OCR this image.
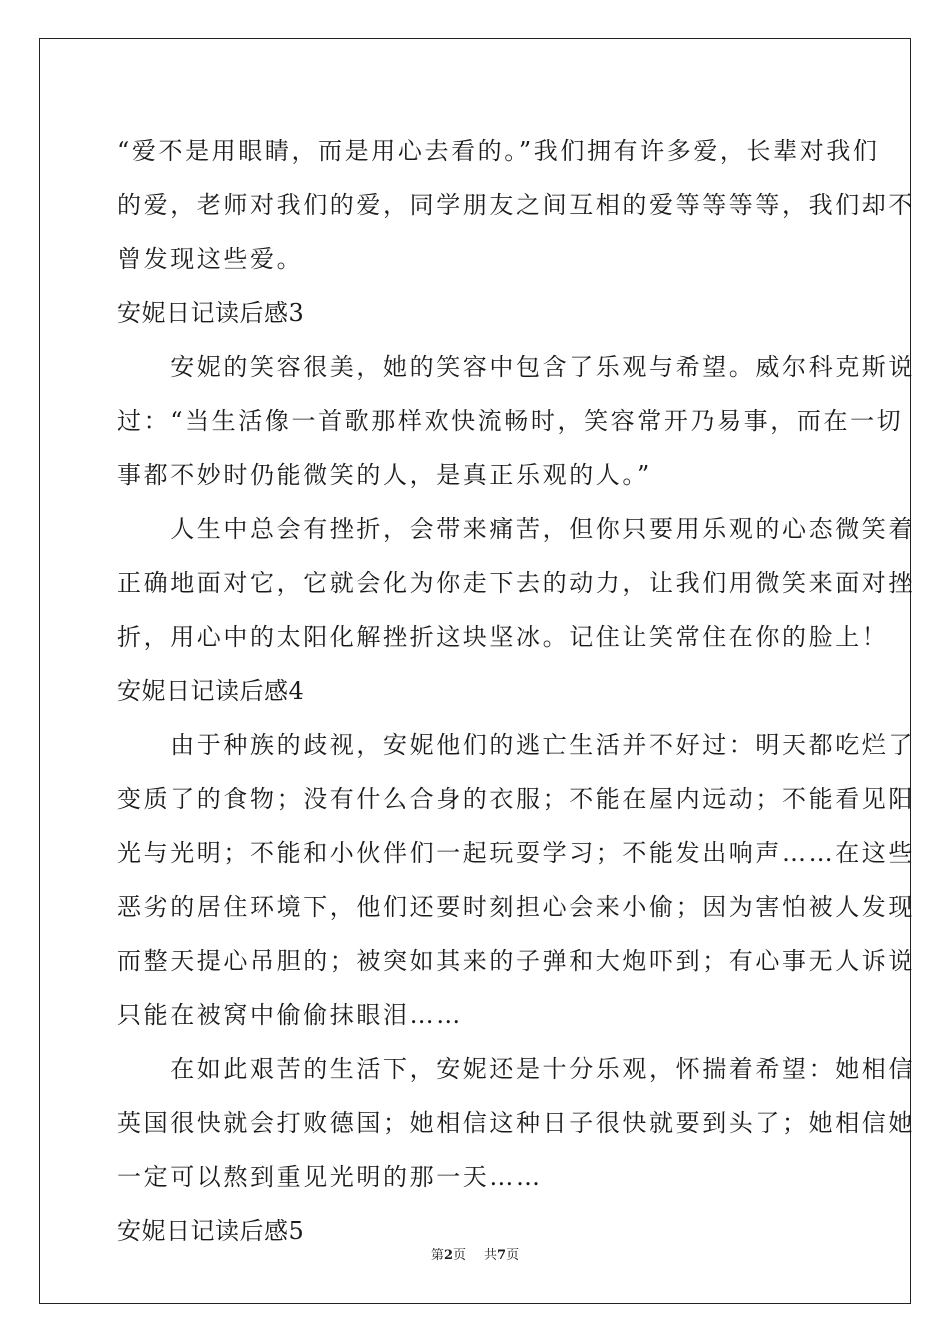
“爱不是用眼睛，而是用心去看的。”我们拥有许多爱，长辈对我们
的爱，老师对我们的爱，同学朋友之间互相的爱等等等等，我们却不
曾发现这些爱。
安妮日记读后感3
　　安妮的笑容很美，她的笑容中包含了乐观与希望。威尔科克斯说
过：“当生活像一首歌那样欢快流畅时，笑容常开乃易事，而在一切
事都不妙时仍能微笑的人，是真正乐观的人。”
　　人生中总会有挫折，会带来痛苦，但你只要用乐观的心态微笑着
正确地面对它，它就会化为你走下去的动力，让我们用微笑来面对挫
折，用心中的太阳化解挫折这块坚冰。记住让笑常住在你的脸上！
安妮日记读后感4
　　由于种族的歧视，安妮他们的逃亡生活并不好过：明天都吃烂了
变质了的食物；没有什么合身的衣服；不能在屋内远动；不能看见阳
光与光明；不能和小伙伴们一起玩耍学习；不能发出响声……在这些
恶劣的居住环境下，他们还要时刻担心会来小偷；因为害怕被人发现
而整天提心吊胆的；被突如其来的子弹和大炮吓到；有心事无人诉说
只能在被窝中偷偷抹眼泪……
　　在如此艰苦的生活下，安妮还是十分乐观，怀揣着希望：她相信
英国很快就会打败德国；她相信这种日子很快就要到头了；她相信她
一定可以熬到重见光明的那一天……
安妮日记读后感5
第2页 共7页
